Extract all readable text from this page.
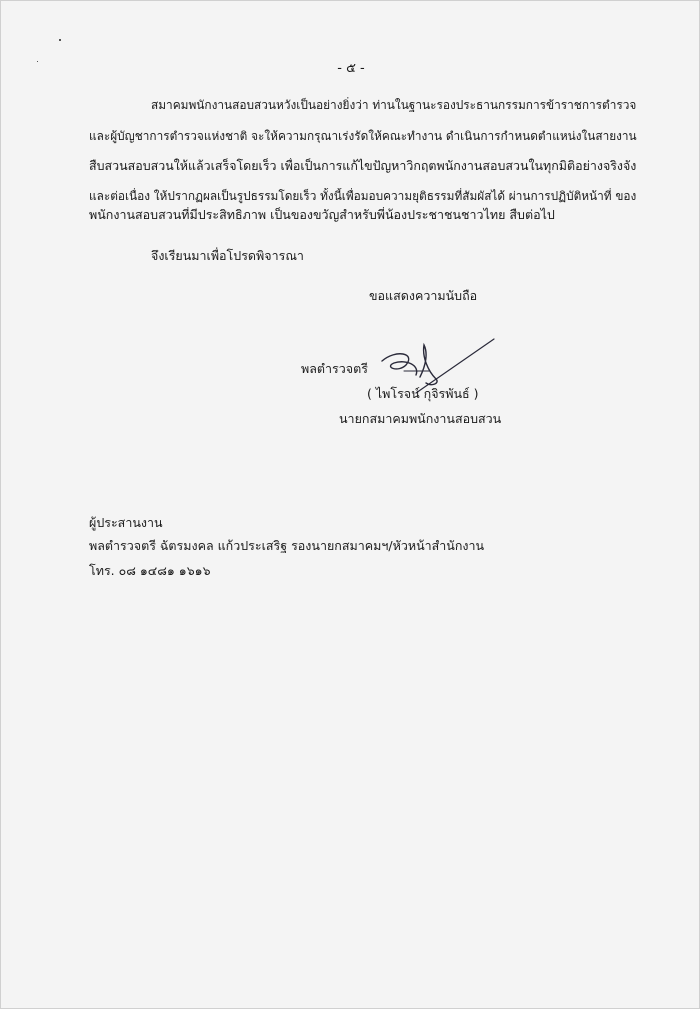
- ๕ -
สมาคมพนักงานสอบสวนหวังเป็นอย่างยิ่งว่า ท่านในฐานะรองประธานกรรมการข้าราชการตำรวจ
และผู้บัญชาการตำรวจแห่งชาติ จะให้ความกรุณาเร่งรัดให้คณะทำงาน ดำเนินการกำหนดตำแหน่งในสายงาน
สืบสวนสอบสวนให้แล้วเสร็จโดยเร็ว เพื่อเป็นการแก้ไขปัญหาวิกฤตพนักงานสอบสวนในทุกมิติอย่างจริงจัง
และต่อเนื่อง ให้ปรากฏผลเป็นรูปธรรมโดยเร็ว ทั้งนี้เพื่อมอบความยุติธรรมที่สัมผัสได้ ผ่านการปฏิบัติหน้าที่ ของ
พนักงานสอบสวนที่มีประสิทธิภาพ เป็นของขวัญสำหรับพี่น้องประชาชนชาวไทย สืบต่อไป
จึงเรียนมาเพื่อโปรดพิจารณา
ขอแสดงความนับถือ
พลตำรวจตรี
( ไพโรจน์ กุจิรพันธ์ )
นายกสมาคมพนักงานสอบสวน
ผู้ประสานงาน
พลตำรวจตรี ฉัตรมงคล แก้วประเสริฐ รองนายกสมาคมฯ/หัวหน้าสำนักงาน
โทร. ๐๘ ๑๔๘๑ ๑๖๑๖
